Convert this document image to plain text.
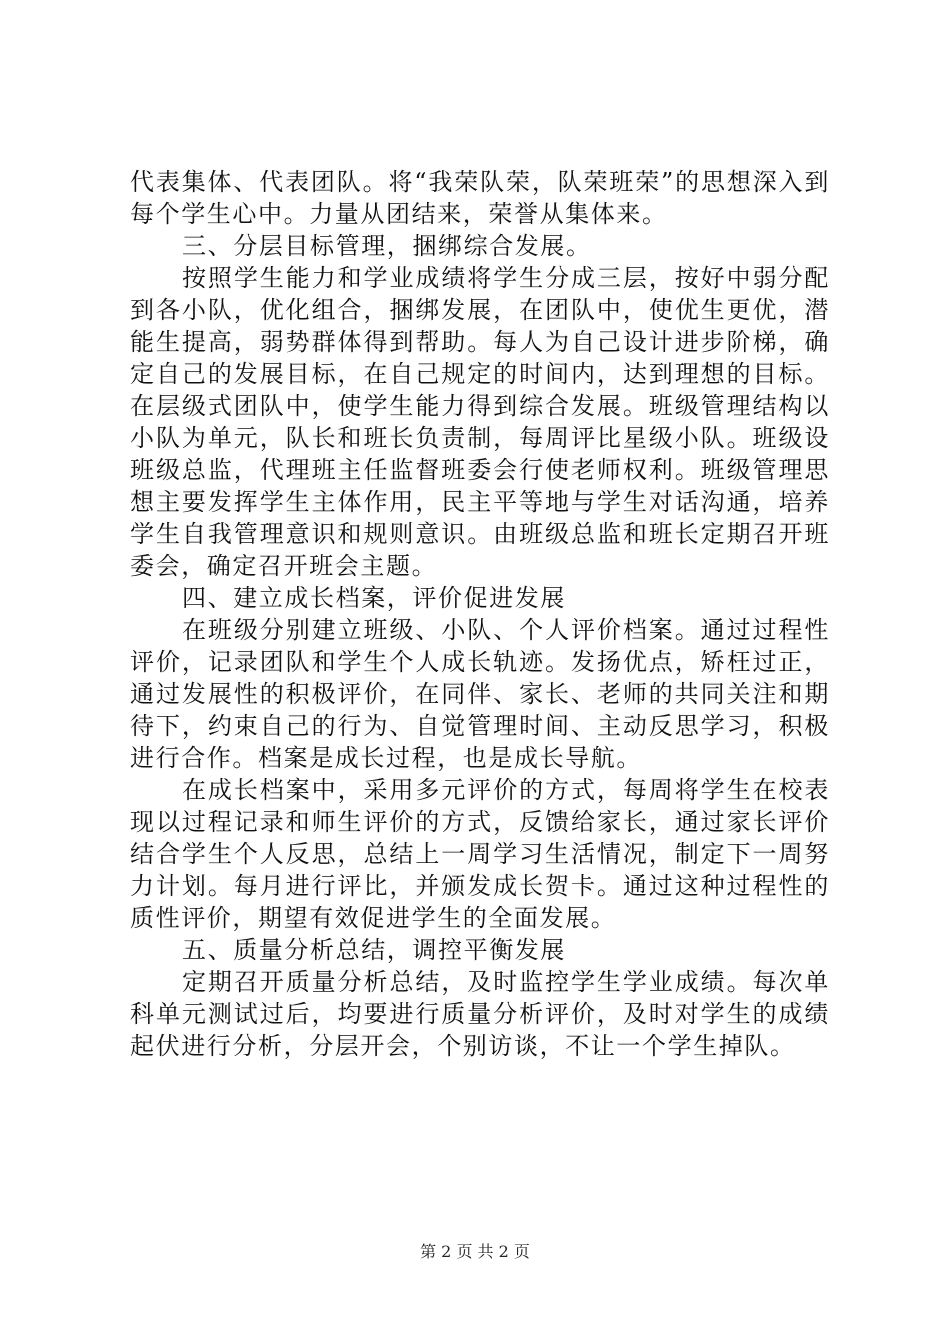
代表集体、代表团队。将“我荣队荣，队荣班荣”的思想深入到每个学生心中。力量从团结来，荣誉从集体来。

三、分层目标管理，捆绑综合发展。

按照学生能力和学业成绩将学生分成三层，按好中弱分配到各小队，优化组合，捆绑发展，在团队中，使优生更优，潜能生提高，弱势群体得到帮助。每人为自己设计进步阶梯，确定自己的发展目标，在自己规定的时间内，达到理想的目标。在层级式团队中，使学生能力得到综合发展。班级管理结构以小队为单元，队长和班长负责制，每周评比星级小队。班级设班级总监，代理班主任监督班委会行使老师权利。班级管理思想主要发挥学生主体作用，民主平等地与学生对话沟通，培养学生自我管理意识和规则意识。由班级总监和班长定期召开班委会，确定召开班会主题。

四、建立成长档案，评价促进发展

在班级分别建立班级、小队、个人评价档案。通过过程性评价，记录团队和学生个人成长轨迹。发扬优点，矫枉过正，通过发展性的积极评价，在同伴、家长、老师的共同关注和期待下，约束自己的行为、自觉管理时间、主动反思学习，积极进行合作。档案是成长过程，也是成长导航。

在成长档案中，采用多元评价的方式，每周将学生在校表现以过程记录和师生评价的方式，反馈给家长，通过家长评价结合学生个人反思，总结上一周学习生活情况，制定下一周努力计划。每月进行评比，并颁发成长贺卡。通过这种过程性的质性评价，期望有效促进学生的全面发展。

五、质量分析总结，调控平衡发展

定期召开质量分析总结，及时监控学生学业成绩。每次单科单元测试过后，均要进行质量分析评价，及时对学生的成绩起伏进行分析，分层开会，个别访谈，不让一个学生掉队。

第 2 页 共 2 页
